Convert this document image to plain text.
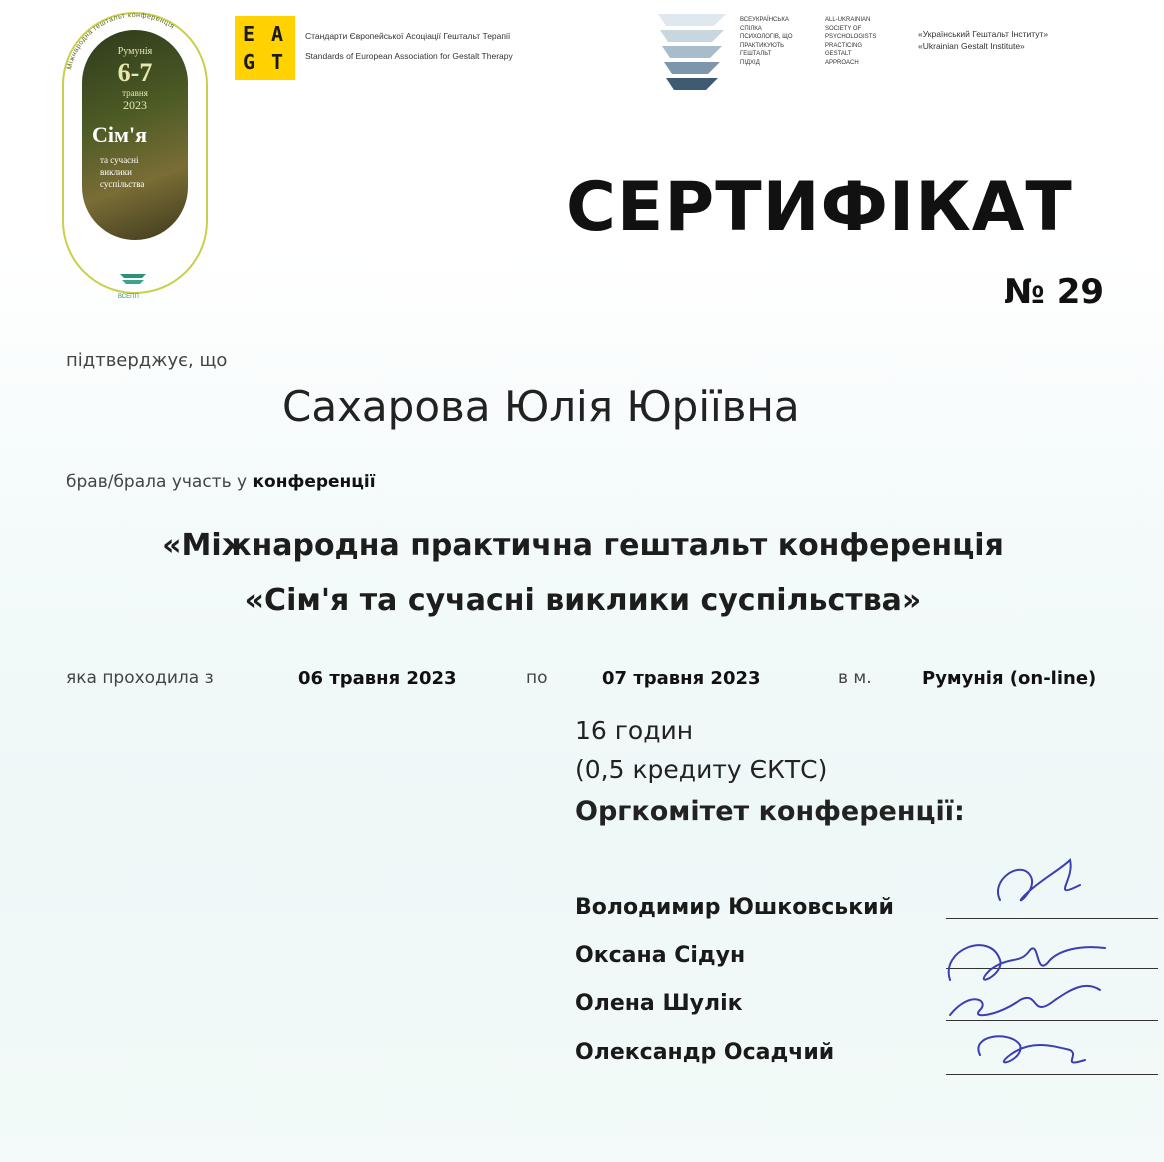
Румунія
6-7
травня
2023
Сім'я
та сучасні
виклики
суспільства
Міжнародна гештальт конференція
ВСЕПП
E A
G T
Стандарти Європейської Асоціації Гештальт Терапії
Standards of European Association for Gestalt Therapy
ВСЕУКРАЇНСЬКА
СПІЛКА
ПСИХОЛОГІВ, ЩО
ПРАКТИКУЮТЬ
ГЕШТАЛЬТ
ПІДХІД
ALL-UKRAINIAN
SOCIETY OF
PSYCHOLOGISTS
PRACTICING
GESTALT
APPROACH
«Український Гештальт Інститут»
«Ukrainian Gestalt Institute»
СЕРТИФІКАТ
№ 29
підтверджує, що
Сахарова Юлія Юріївна
брав/брала участь у конференції
«Міжнародна практична гештальт конференція
«Сім'я та сучасні виклики суспільства»
яка проходила з	06 травня 2023	по	07 травня 2023	в м.	Румунія (on-line)
16 годин
(0,5 кредиту ЄКТС)
Оргкомітет конференції:
Володимир Юшковський
Оксана Сідун
Олена Шулік
Олександр Осадчий
